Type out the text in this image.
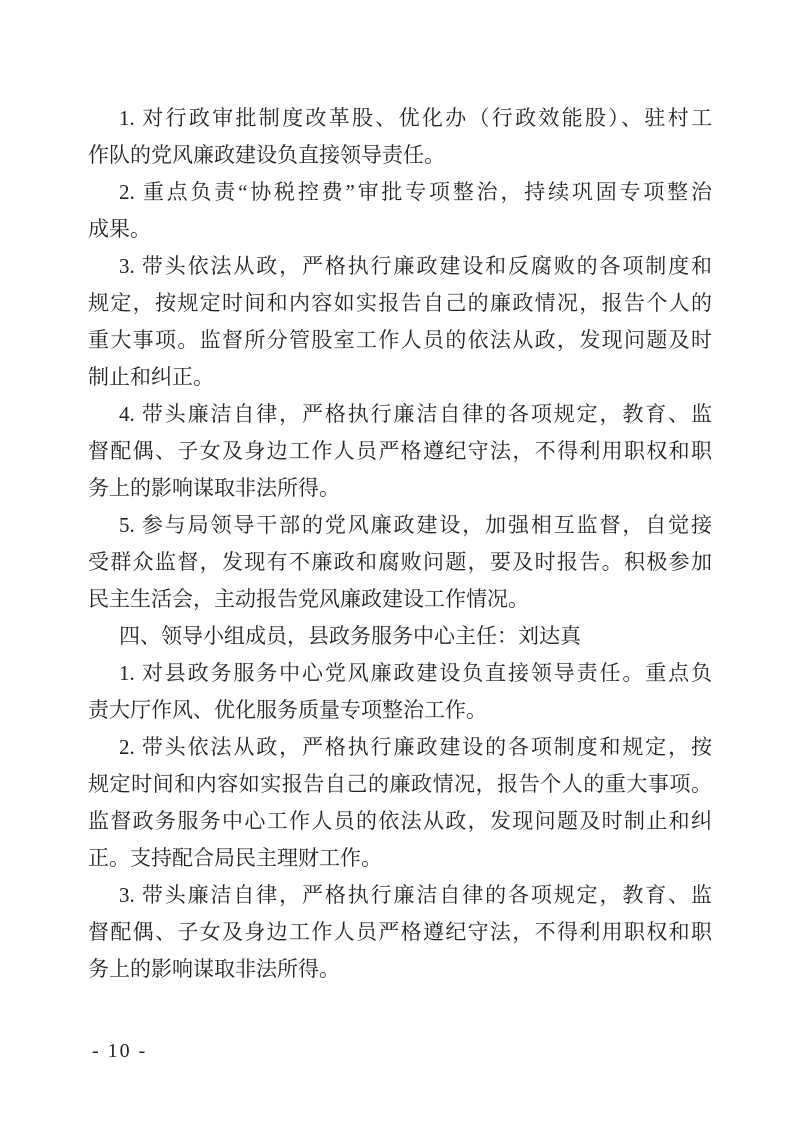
1. 对行政审批制度改革股、优化办（行政效能股）、驻村工
作队的党风廉政建设负直接领导责任。
2. 重点负责“协税控费”审批专项整治，持续巩固专项整治
成果。
3. 带头依法从政，严格执行廉政建设和反腐败的各项制度和
规定，按规定时间和内容如实报告自己的廉政情况，报告个人的
重大事项。监督所分管股室工作人员的依法从政，发现问题及时
制止和纠正。
4. 带头廉洁自律，严格执行廉洁自律的各项规定，教育、监
督配偶、子女及身边工作人员严格遵纪守法，不得利用职权和职
务上的影响谋取非法所得。
5. 参与局领导干部的党风廉政建设，加强相互监督，自觉接
受群众监督，发现有不廉政和腐败问题，要及时报告。积极参加
民主生活会，主动报告党风廉政建设工作情况。
四、领导小组成员，县政务服务中心主任：刘达真
1. 对县政务服务中心党风廉政建设负直接领导责任。重点负
责大厅作风、优化服务质量专项整治工作。
2. 带头依法从政，严格执行廉政建设的各项制度和规定，按
规定时间和内容如实报告自己的廉政情况，报告个人的重大事项。
监督政务服务中心工作人员的依法从政，发现问题及时制止和纠
正。支持配合局民主理财工作。
3. 带头廉洁自律，严格执行廉洁自律的各项规定，教育、监
督配偶、子女及身边工作人员严格遵纪守法，不得利用职权和职
务上的影响谋取非法所得。
- 10 -
